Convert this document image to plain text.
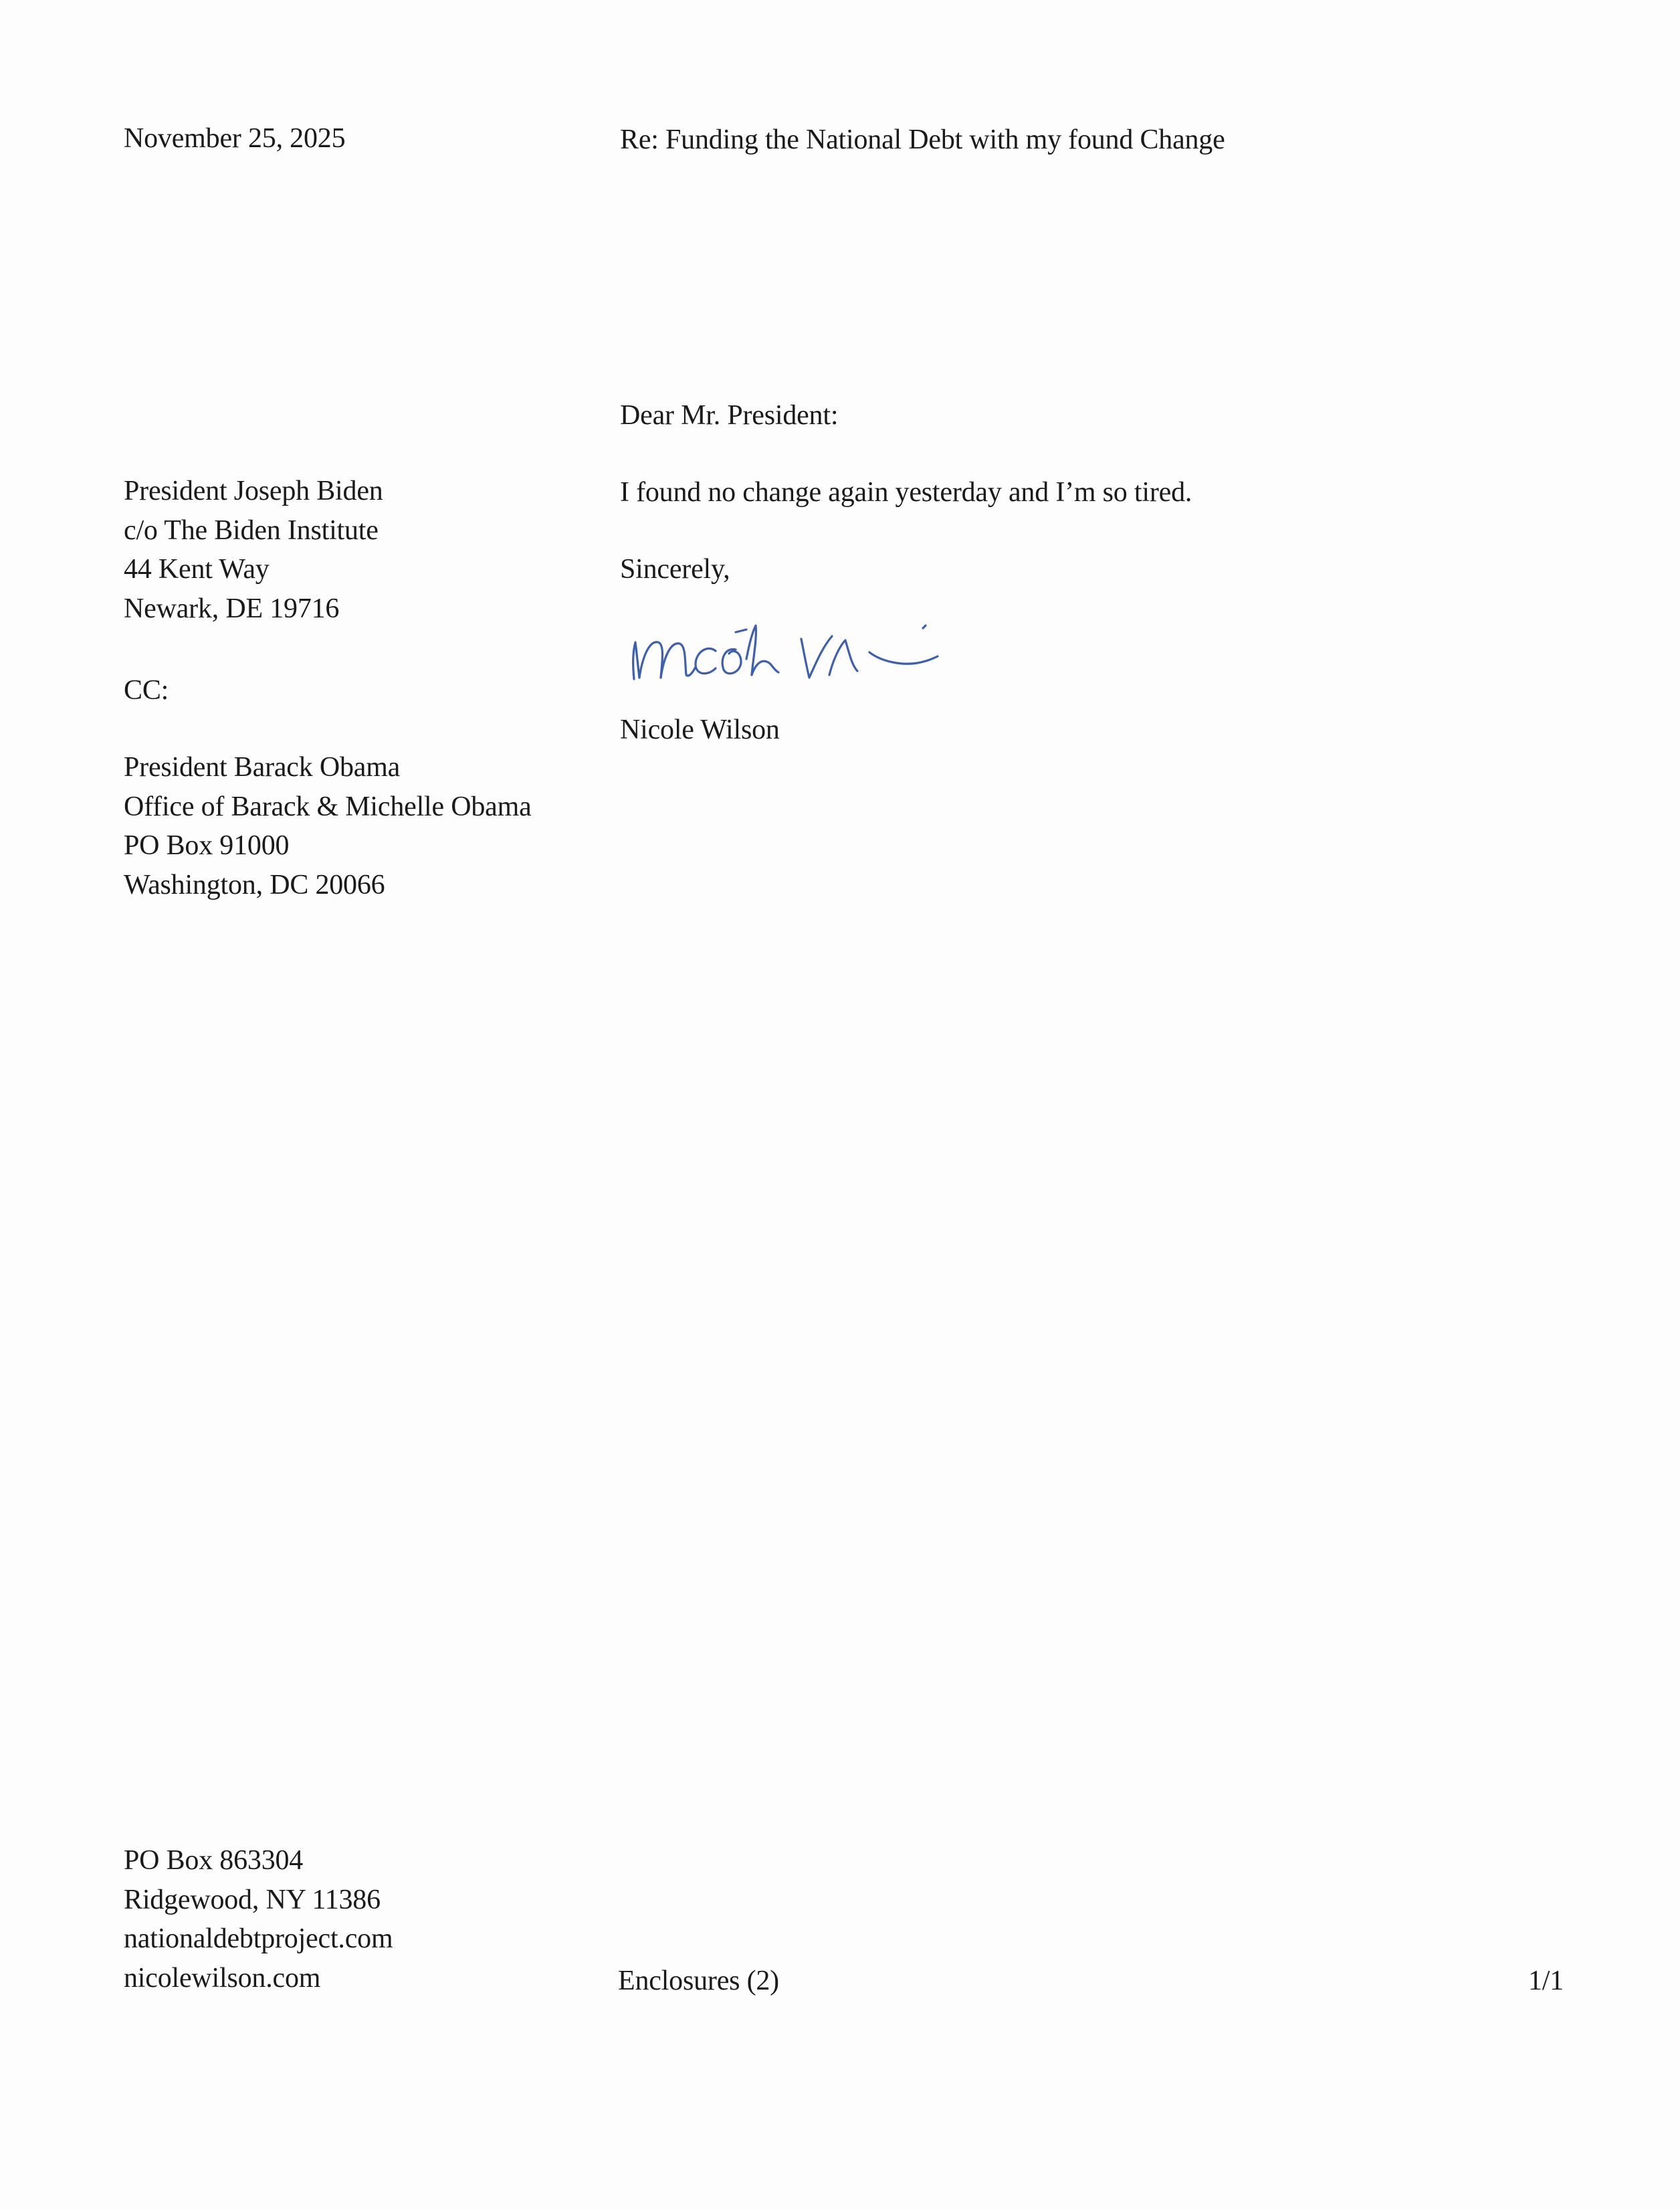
November 25, 2025	Re: Funding the National Debt with my found Change
Dear Mr. President:
President Joseph Biden
c/o The Biden Institute
44 Kent Way
Newark, DE 19716
I found no change again yesterday and I’m so tired.
Sincerely,
Nicole Wilson
CC:
President Barack Obama
Office of Barack & Michelle Obama
PO Box 91000
Washington, DC 20066
PO Box 863304
Ridgewood, NY 11386
nationaldebtproject.com
nicolewilson.com	Enclosures (2)	1/1
